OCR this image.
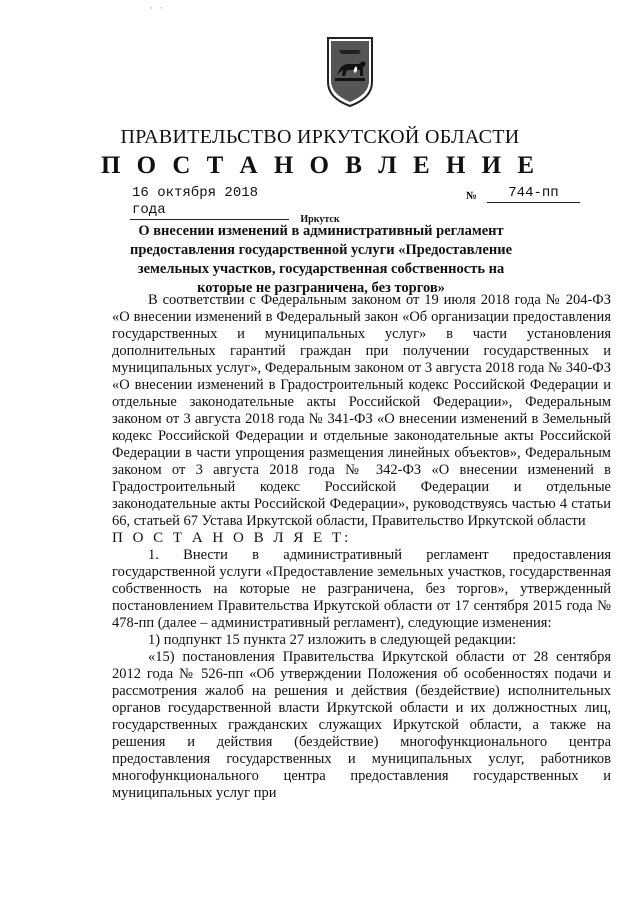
· ·
ПРАВИТЕЛЬСТВО ИРКУТСКОЙ ОБЛАСТИ
П О С Т А Н О В Л Е Н И Е
16 октября 2018 года
№	744-пп
Иркутск

О внесении изменений в административный регламент предоставления государственной услуги «Предоставление земельных участков, государственная собственность на которые не разграничена, без торгов»

В соответствии с Федеральным законом от 19 июля 2018 года № 204-ФЗ «О внесении изменений в Федеральный закон «Об организации предоставления государственных и муниципальных услуг» в части установления дополнительных гарантий граждан при получении государственных и муниципальных услуг», Федеральным законом от 3 августа 2018 года № 340-ФЗ «О внесении изменений в Градостроительный кодекс Российской Федерации и отдельные законодательные акты Российской Федерации», Федеральным законом от 3 августа 2018 года № 341-ФЗ «О внесении изменений в Земельный кодекс Российской Федерации и отдельные законодательные акты Российской Федерации в части упрощения размещения линейных объектов», Федеральным законом от 3 августа 2018 года № 342-ФЗ «О внесении изменений в Градостроительный кодекс Российской Федерации и отдельные законодательные акты Российской Федерации», руководствуясь частью 4 статьи 66, статьей 67 Устава Иркутской области, Правительство Иркутской области

П О С Т А Н О В Л Я Е Т:

1. Внести в административный регламент предоставления государственной услуги «Предоставление земельных участков, государственная собственность на которые не разграничена, без торгов», утвержденный постановлением Правительства Иркутской области от 17 сентября 2015 года № 478-пп (далее – административный регламент), следующие изменения:

1) подпункт 15 пункта 27 изложить в следующей редакции:

«15) постановления Правительства Иркутской области от 28 сентября 2012 года № 526-пп «Об утверждении Положения об особенностях подачи и рассмотрения жалоб на решения и действия (бездействие) исполнительных органов государственной власти Иркутской области и их должностных лиц, государственных гражданских служащих Иркутской области, а также на решения и действия (бездействие) многофункционального центра предоставления государственных и муниципальных услуг, работников многофункционального центра предоставления государственных и муниципальных услуг при
